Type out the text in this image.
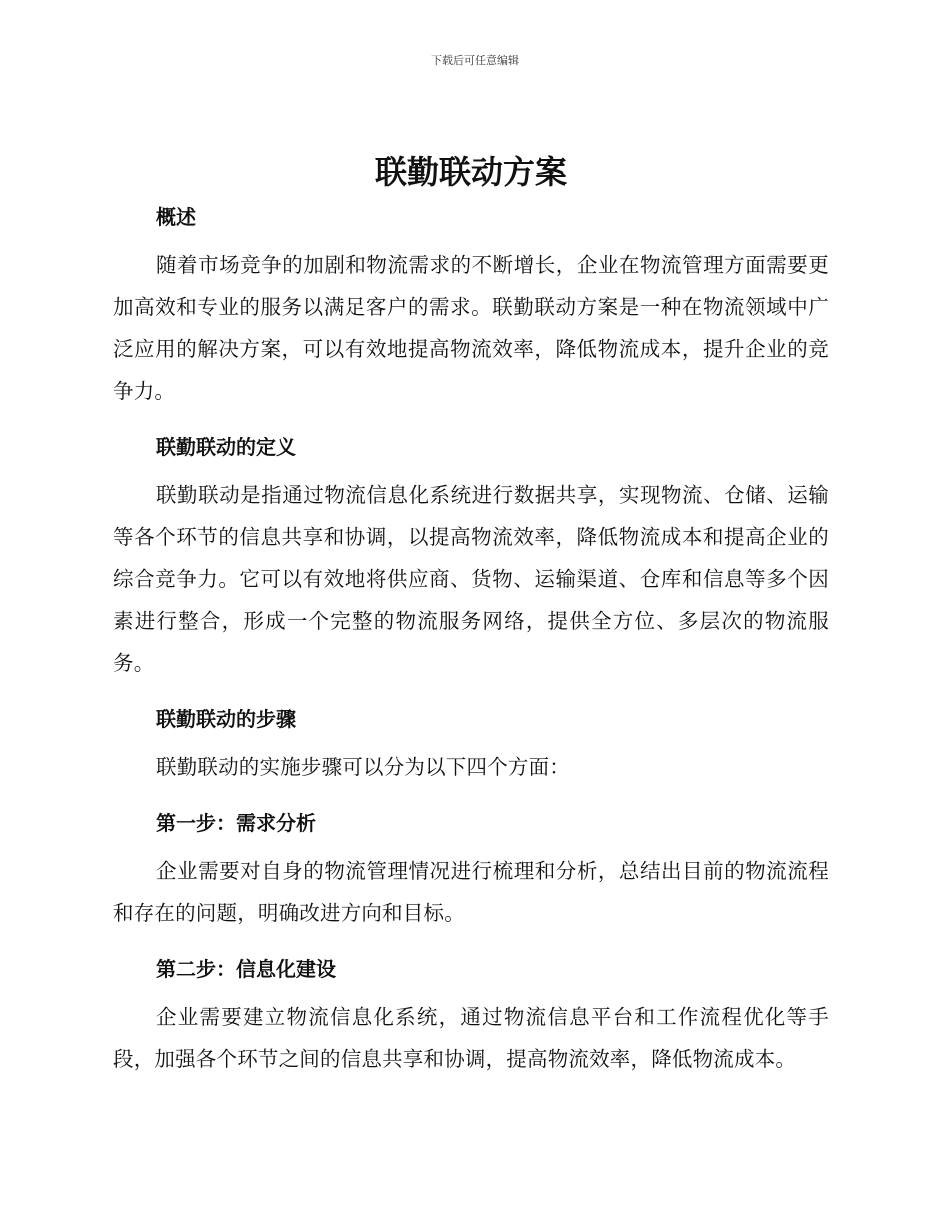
下载后可任意编辑
联勤联动方案
概述

随着市场竞争的加剧和物流需求的不断增长，企业在物流管理方面需要更加高效和专业的服务以满足客户的需求。联勤联动方案是一种在物流领域中广泛应用的解决方案，可以有效地提高物流效率，降低物流成本，提升企业的竞争力。

联勤联动的定义

联勤联动是指通过物流信息化系统进行数据共享，实现物流、仓储、运输等各个环节的信息共享和协调，以提高物流效率，降低物流成本和提高企业的综合竞争力。它可以有效地将供应商、货物、运输渠道、仓库和信息等多个因素进行整合，形成一个完整的物流服务网络，提供全方位、多层次的物流服务。

联勤联动的步骤

联勤联动的实施步骤可以分为以下四个方面：

第一步：需求分析

企业需要对自身的物流管理情况进行梳理和分析，总结出目前的物流流程和存在的问题，明确改进方向和目标。

第二步：信息化建设

企业需要建立物流信息化系统，通过物流信息平台和工作流程优化等手段，加强各个环节之间的信息共享和协调，提高物流效率，降低物流成本。
